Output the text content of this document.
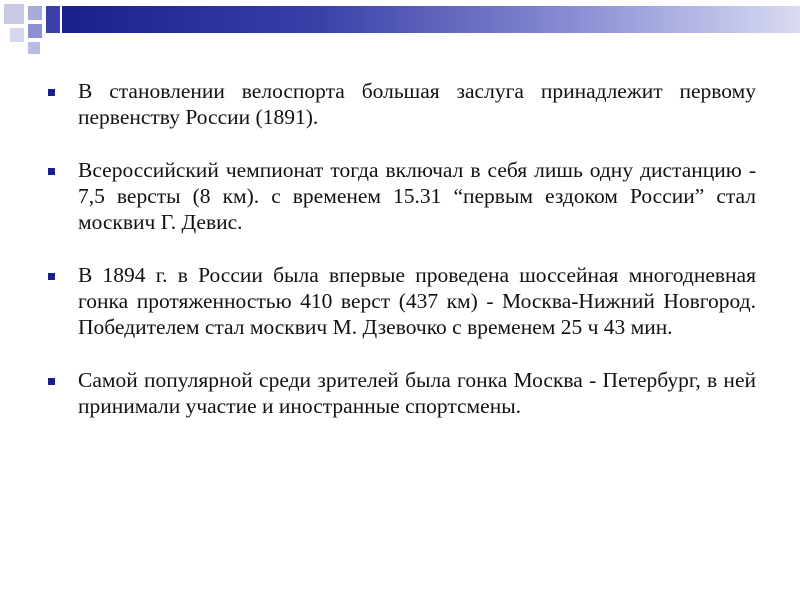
В становлении велоспорта большая заслуга принадлежит первому первенству России (1891).
Всероссийский чемпионат тогда включал в себя лишь одну дистанцию - 7,5 версты (8 км). с временем 15.31 “первым ездоком России” стал москвич Г. Девис.
В 1894 г. в России была впервые проведена шоссейная многодневная гонка протяженностью 410 верст (437 км) - Москва-Нижний Новгород. Победителем стал москвич М. Дзевочко с временем 25 ч 43 мин.
Самой популярной среди зрителей была гонка Москва - Петербург, в ней принимали участие и иностранные спортсмены.
